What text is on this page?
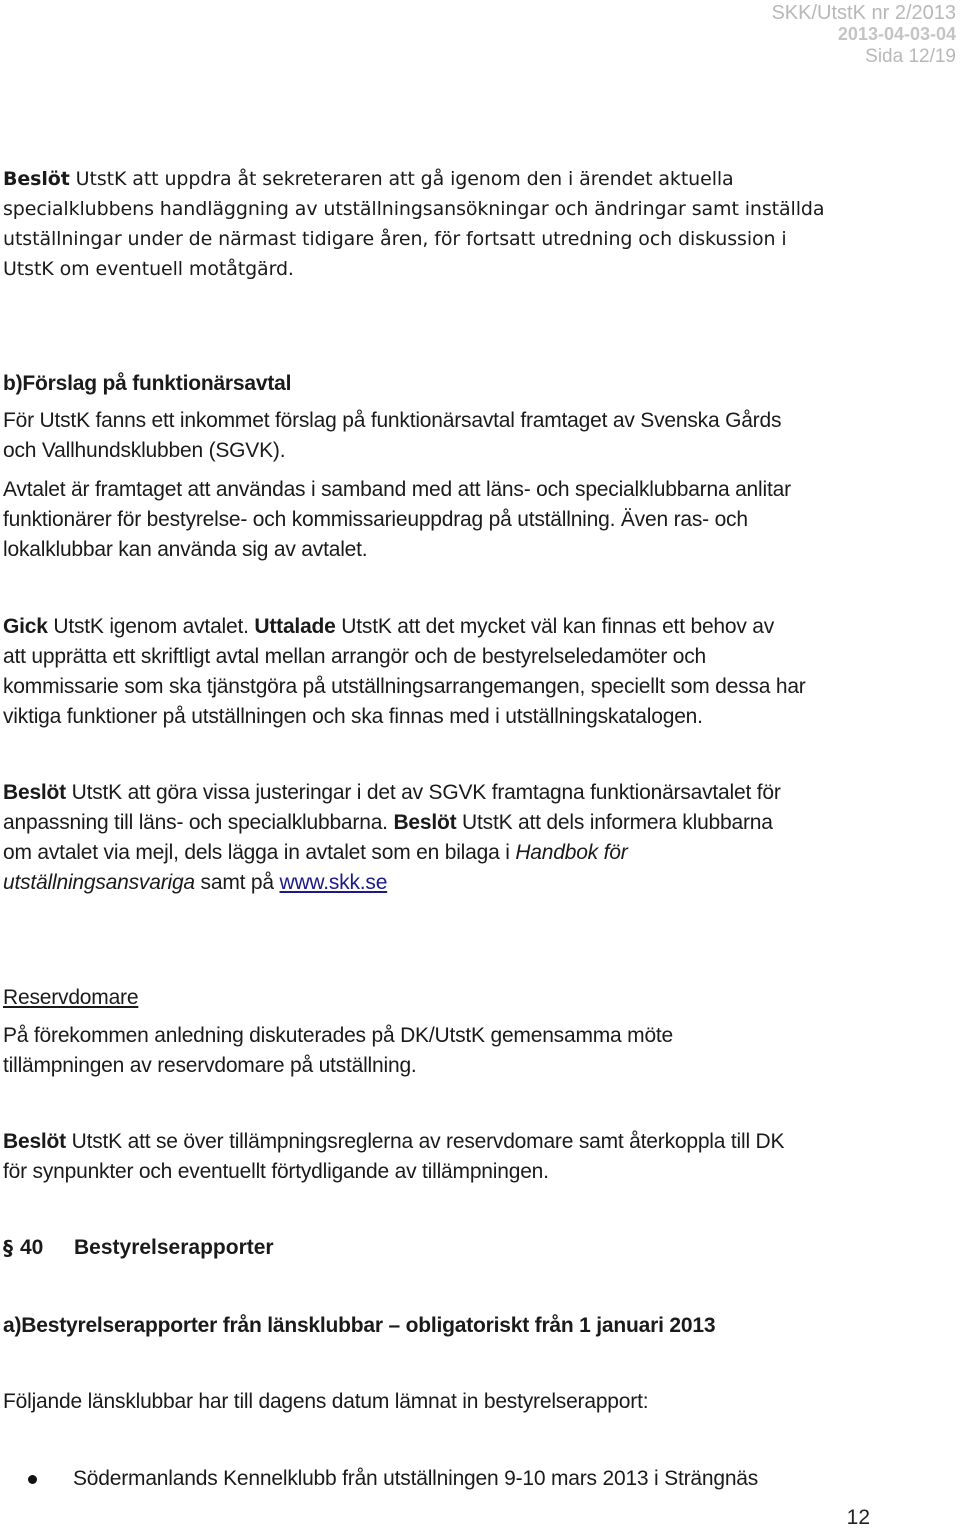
SKK/UtstK nr 2/2013
2013-04-03-04
Sida 12/19

Beslöt UtstK att uppdra åt sekreteraren att gå igenom den i ärendet aktuella

specialklubbens handläggning av utställningsansökningar och ändringar samt inställda

utställningar under de närmast tidigare åren, för fortsatt utredning och diskussion i

UtstK om eventuell motåtgärd.

b)Förslag på funktionärsavtal

För UtstK fanns ett inkommet förslag på funktionärsavtal framtaget av Svenska Gårds

och Vallhundsklubben (SGVK).

Avtalet är framtaget att användas i samband med att läns- och specialklubbarna anlitar

funktionärer för bestyrelse- och kommissarieuppdrag på utställning. Även ras- och

lokalklubbar kan använda sig av avtalet.

Gick UtstK igenom avtalet. Uttalade UtstK att det mycket väl kan finnas ett behov av

att upprätta ett skriftligt avtal mellan arrangör och de bestyrelseledamöter och

kommissarie som ska tjänstgöra på utställningsarrangemangen, speciellt som dessa har

viktiga funktioner på utställningen och ska finnas med i utställningskatalogen.

Beslöt UtstK att göra vissa justeringar i det av SGVK framtagna funktionärsavtalet för

anpassning till läns- och specialklubbarna. Beslöt UtstK att dels informera klubbarna

om avtalet via mejl, dels lägga in avtalet som en bilaga i Handbok för

utställningsansvariga samt på www.skk.se

Reservdomare

På förekommen anledning diskuterades på DK/UtstK gemensamma möte

tillämpningen av reservdomare på utställning.

Beslöt UtstK att se över tillämpningsreglerna av reservdomare samt återkoppla till DK

för synpunkter och eventuellt förtydligande av tillämpningen.

§ 40 Bestyrelserapporter

a)Bestyrelserapporter från länsklubbar – obligatoriskt från 1 januari 2013

Följande länsklubbar har till dagens datum lämnat in bestyrelserapport:

Södermanlands Kennelklubb från utställningen 9-10 mars 2013 i Strängnäs

12
